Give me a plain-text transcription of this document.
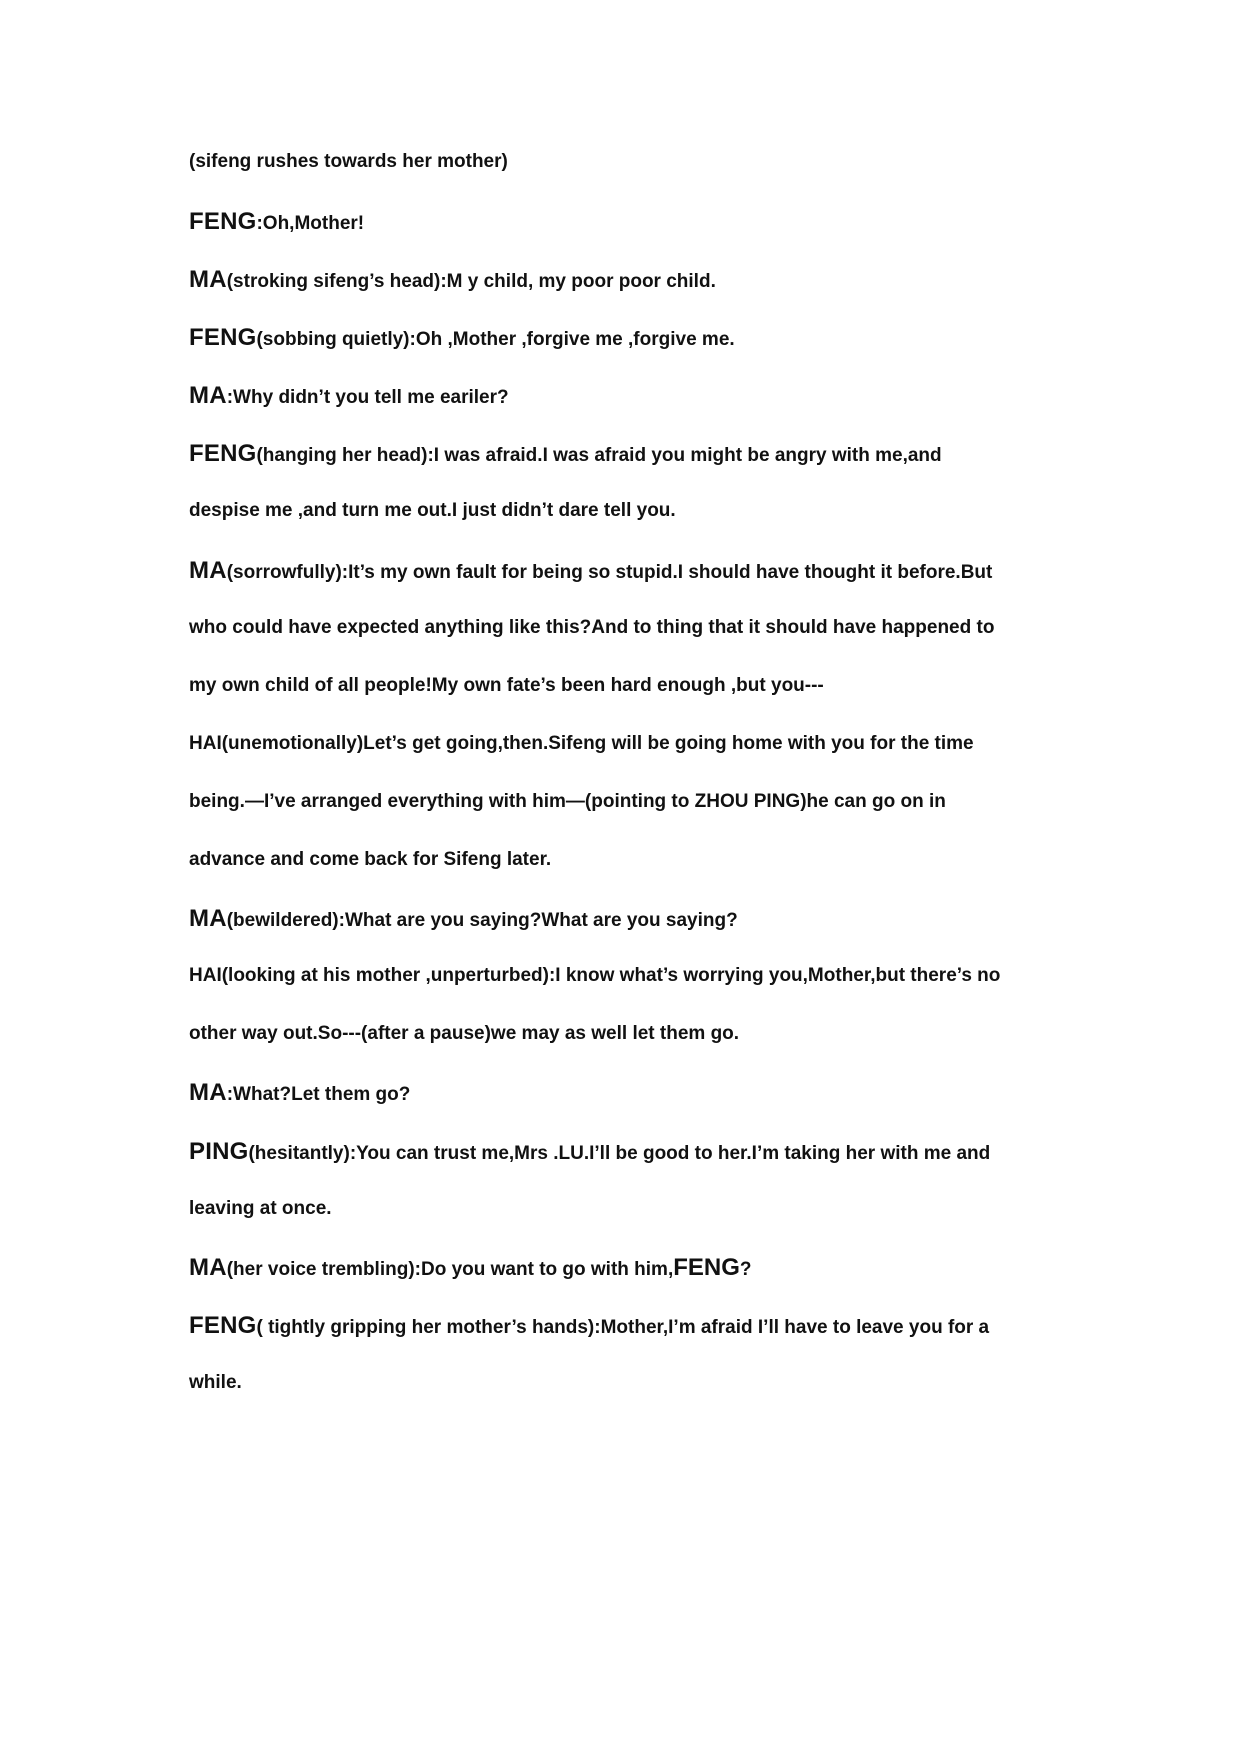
(sifeng rushes towards her mother)
FENG:Oh,Mother!
MA(stroking sifeng’s head):M y child, my poor poor child.
FENG(sobbing quietly):Oh ,Mother ,forgive me ,forgive me.
MA:Why didn’t you tell me eariler?
FENG(hanging her head):I was afraid.I was afraid you might be angry with me,and
despise me ,and turn me out.I just didn’t dare tell you.
MA(sorrowfully):It’s my own fault for being so stupid.I should have thought it before.But
who could have expected anything like this?And to thing that it should have happened to
my own child of all people!My own fate’s been hard enough ,but you---
HAI(unemotionally)Let’s get going,then.Sifeng will be going home with you for the time
being.—I’ve arranged everything with him—(pointing to ZHOU PING)he can go on in
advance and come back for Sifeng later.
MA(bewildered):What are you saying?What are you saying?
HAI(looking at his mother ,unperturbed):I know what’s worrying you,Mother,but there’s no
other way out.So---(after a pause)we may as well let them go.
MA:What?Let them go?
PING(hesitantly):You can trust me,Mrs .LU.I’ll be good to her.I’m taking her with me and
leaving at once.
MA(her voice trembling):Do you want to go with him,FENG?
FENG( tightly gripping her mother’s hands):Mother,I’m afraid I’ll have to leave you for a
while.
